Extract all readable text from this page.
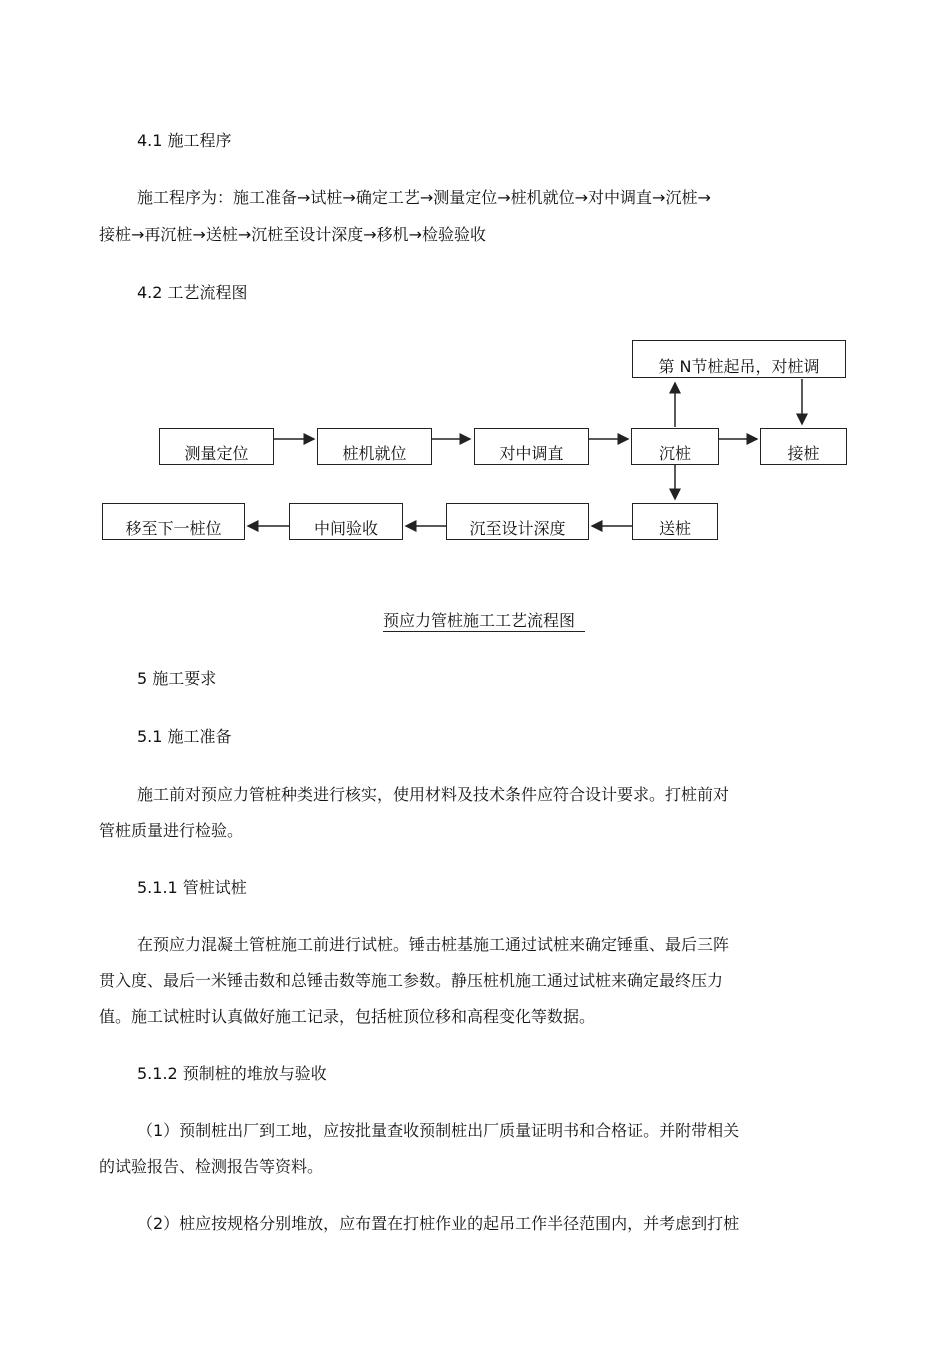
4.1 施工程序
施工程序为：施工准备→试桩→确定工艺→测量定位→桩机就位→对中调直→沉桩→
接桩→再沉桩→送桩→沉桩至设计深度→移机→检验验收
4.2 工艺流程图
第 N节桩起吊，对桩调
测量定位	桩机就位	对中调直	沉桩	接桩
移至下一桩位	中间验收	沉至设计深度	送桩
预应力管桩施工工艺流程图
5 施工要求
5.1 施工准备
施工前对预应力管桩种类进行核实，使用材料及技术条件应符合设计要求。打桩前对
管桩质量进行检验。
5.1.1 管桩试桩
在预应力混凝土管桩施工前进行试桩。锤击桩基施工通过试桩来确定锤重、最后三阵
贯入度、最后一米锤击数和总锤击数等施工参数。静压桩机施工通过试桩来确定最终压力
值。施工试桩时认真做好施工记录，包括桩顶位移和高程变化等数据。
5.1.2 预制桩的堆放与验收
（1）预制桩出厂到工地，应按批量查收预制桩出厂质量证明书和合格证。并附带相关
的试验报告、检测报告等资料。
（2）桩应按规格分别堆放，应布置在打桩作业的起吊工作半径范围内，并考虑到打桩
